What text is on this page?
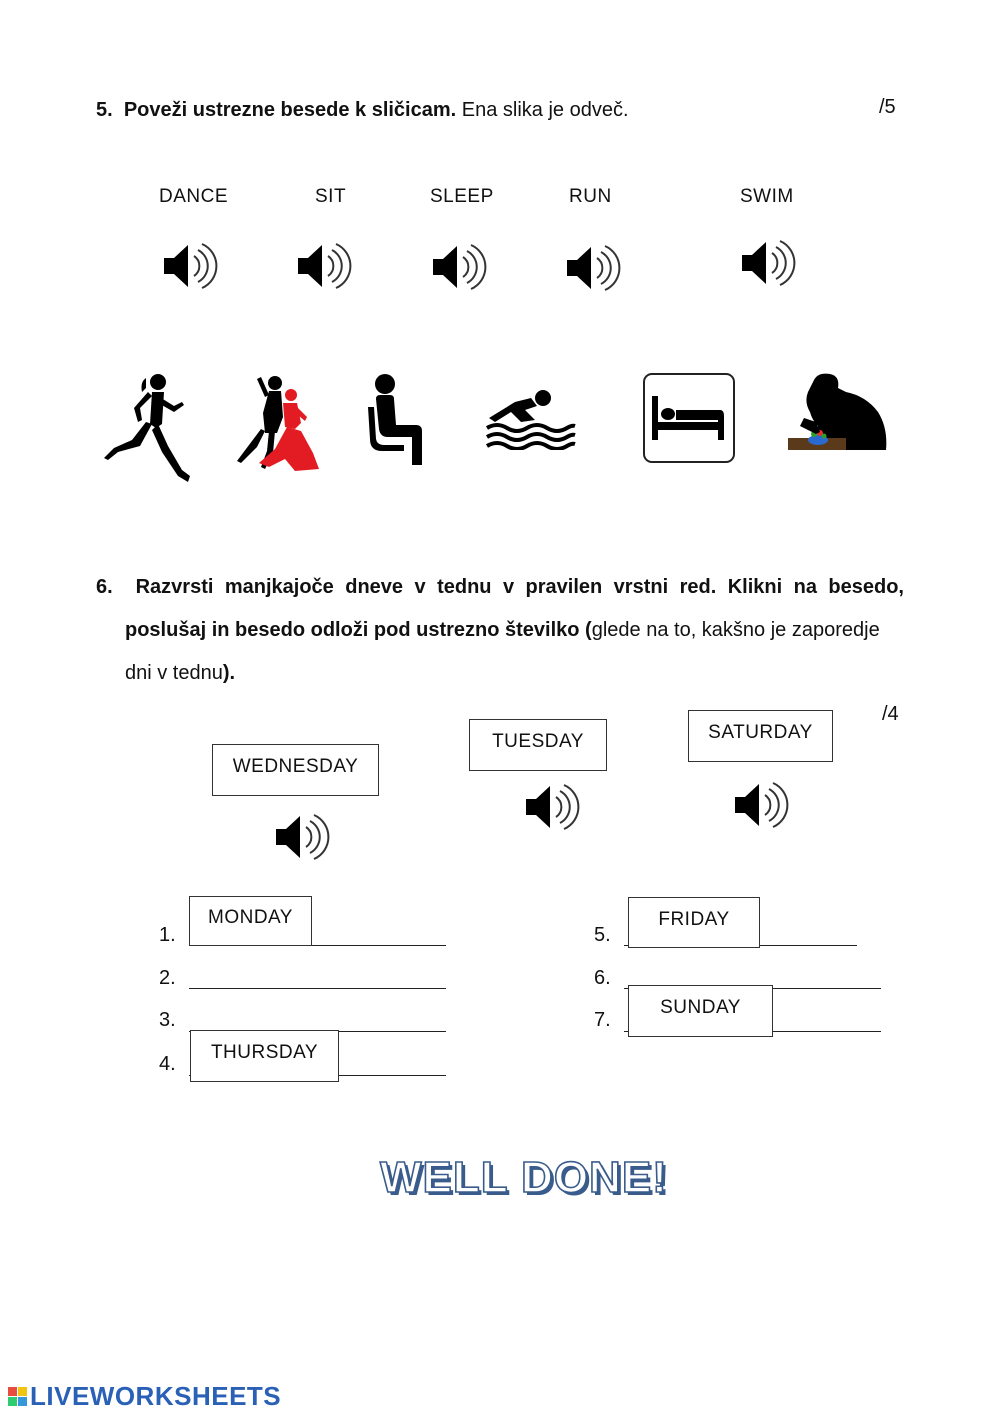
5. Poveži ustrezne besede k sličicam. Ena slika je odveč.	/5
DANCE	SIT	SLEEP	RUN	SWIM
6. Razvrsti manjkajoče dneve v tednu v pravilen vrstni red. Klikni na besedo,
poslušaj in besedo odloži pod ustrezno številko (glede na to, kakšno je zaporedje
dni v tednu).
/4
WEDNESDAY
TUESDAY	SATURDAY
1.
MONDAY
2.
3.
4.
THURSDAY
5.
FRIDAY
6.
7.
SUNDAY
WELL DONE!
LIVEWORKSHEETS
